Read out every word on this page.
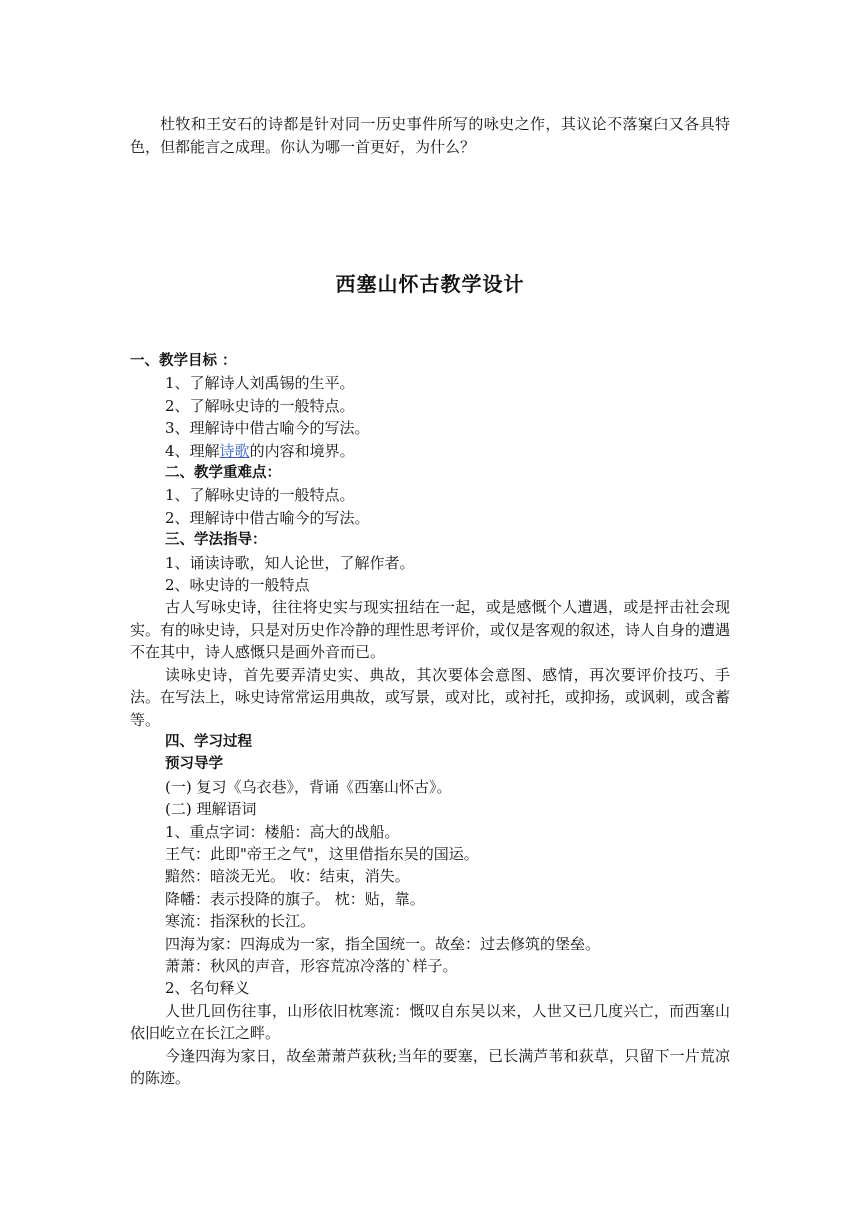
杜牧和王安石的诗都是针对同一历史事件所写的咏史之作，其议论不落窠臼又各具特色，但都能言之成理。你认为哪一首更好，为什么？

西塞山怀古教学设计
一、教学目标 ：
1、了解诗人刘禹锡的生平。
2、了解咏史诗的一般特点。
3、理解诗中借古喻今的写法。
4、理解诗歌的内容和境界。
二、教学重难点：
1、了解咏史诗的一般特点。
2、理解诗中借古喻今的写法。
三、学法指导：
1、诵读诗歌，知人论世，了解作者。
2、咏史诗的一般特点
古人写咏史诗，往往将史实与现实扭结在一起，或是感慨个人遭遇，或是抨击社会现实。有的咏史诗，只是对历史作冷静的理性思考评价，或仅是客观的叙述，诗人自身的遭遇不在其中，诗人感慨只是画外音而已。
读咏史诗，首先要弄清史实、典故，其次要体会意图、感情，再次要评价技巧、手法。在写法上，咏史诗常常运用典故，或写景，或对比，或衬托，或抑扬，或讽刺，或含蓄等。
四、学习过程
预习导学
(一) 复习《乌衣巷》，背诵《西塞山怀古》。
(二) 理解语词
1、重点字词：楼船：高大的战船。
王气：此即"帝王之气"，这里借指东吴的国运。
黯然：暗淡无光。 收：结束，消失。
降幡：表示投降的旗子。 枕：贴，靠。
寒流：指深秋的长江。
四海为家：四海成为一家，指全国统一。故垒：过去修筑的堡垒。
萧萧：秋风的声音，形容荒凉冷落的`样子。
2、名句释义
人世几回伤往事，山形依旧枕寒流：慨叹自东吴以来，人世又已几度兴亡，而西塞山依旧屹立在长江之畔。
今逢四海为家日，故垒萧萧芦荻秋;当年的要塞，已长满芦苇和荻草，只留下一片荒凉的陈迹。
